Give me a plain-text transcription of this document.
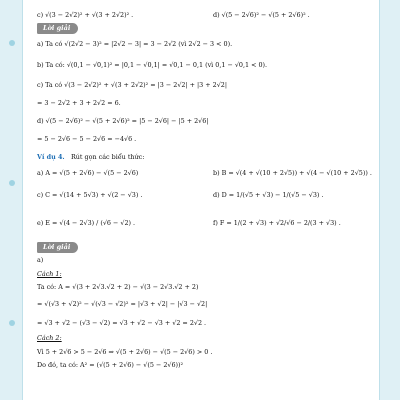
c) √(3 − 2√2)² + √(3 + 2√2)² .	d) √(5 − 2√6)² − √(5 + 2√6)² .
Lời giải
a) Ta có √(2√2 − 3)² = |2√2 − 3| = 3 − 2√2 (vì 2√2 − 3 < 0).
b) Ta có: √(0,1 − √0,1)² = |0,1 − √0,1| = √0,1 − 0,1 (vì 0,1 − √0,1 < 0).
c) Ta có √(3 − 2√2)² + √(3 + 2√2)² = |3 − 2√2| + |3 + 2√2|
= 3 − 2√2 + 3 + 2√2 = 6.
d) √(5 − 2√6)² − √(5 + 2√6)² = |5 − 2√6| − |5 + 2√6|
= 5 − 2√6 − 5 − 2√6 = −4√6 .
Ví dụ 4. Rút gọn các biểu thức:
a) A = √(5 + 2√6) − √(5 − 2√6)	b) B = √(4 + √(10 + 2√5)) + √(4 − √(10 + 2√5)) .
c) C = √(14 + 5√3) + √(2 − √3) .	d) D = 1/(√5 + √3) − 1/(√5 − √3) .
e) E = √(4 − 2√3) / (√6 − √2) .	f) F = 1/(2 + √3) + √2/√6 − 2/(3 + √3) .
Lời giải
a)
Cách 1:
Ta có: A = √(3 + 2√3.√2 + 2) − √(3 − 2√3.√2 + 2)
= √(√3 + √2)² − √(√3 − √2)² = |√3 + √2| − |√3 − √2|
= √3 + √2 − (√3 − √2) = √3 + √2 − √3 + √2 = 2√2 .
Cách 2:
Vì 5 + 2√6 > 5 − 2√6 ⇒ √(5 + 2√6) − √(5 − 2√6) > 0 .
Do đó, ta có: A² = (√(5 + 2√6) − √(5 − 2√6))²
